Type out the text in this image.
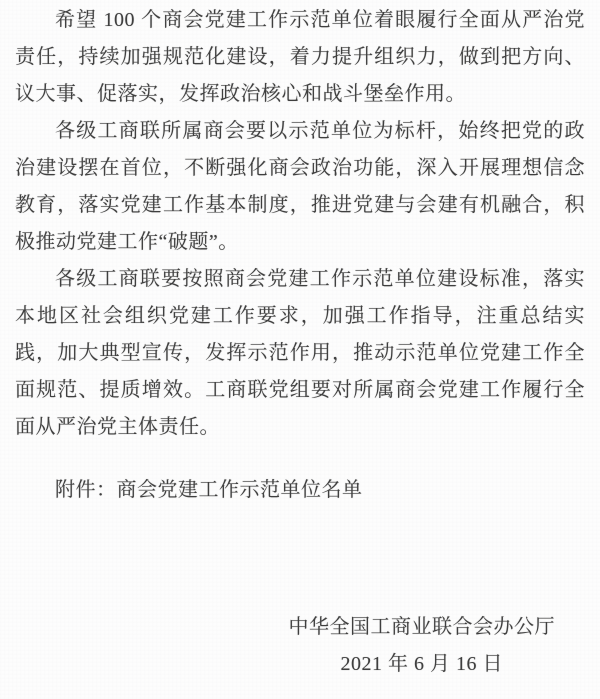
希望 100 个商会党建工作示范单位着眼履行全面从严治党责任，持续加强规范化建设，着力提升组织力，做到把方向、议大事、促落实，发挥政治核心和战斗堡垒作用。

各级工商联所属商会要以示范单位为标杆，始终把党的政治建设摆在首位，不断强化商会政治功能，深入开展理想信念教育，落实党建工作基本制度，推进党建与会建有机融合，积极推动党建工作“破题”。

各级工商联要按照商会党建工作示范单位建设标准，落实本地区社会组织党建工作要求，加强工作指导，注重总结实践，加大典型宣传，发挥示范作用，推动示范单位党建工作全面规范、提质增效。工商联党组要对所属商会党建工作履行全面从严治党主体责任。

附件：商会党建工作示范单位名单

中华全国工商业联合会办公厅
2021 年 6 月 16 日
